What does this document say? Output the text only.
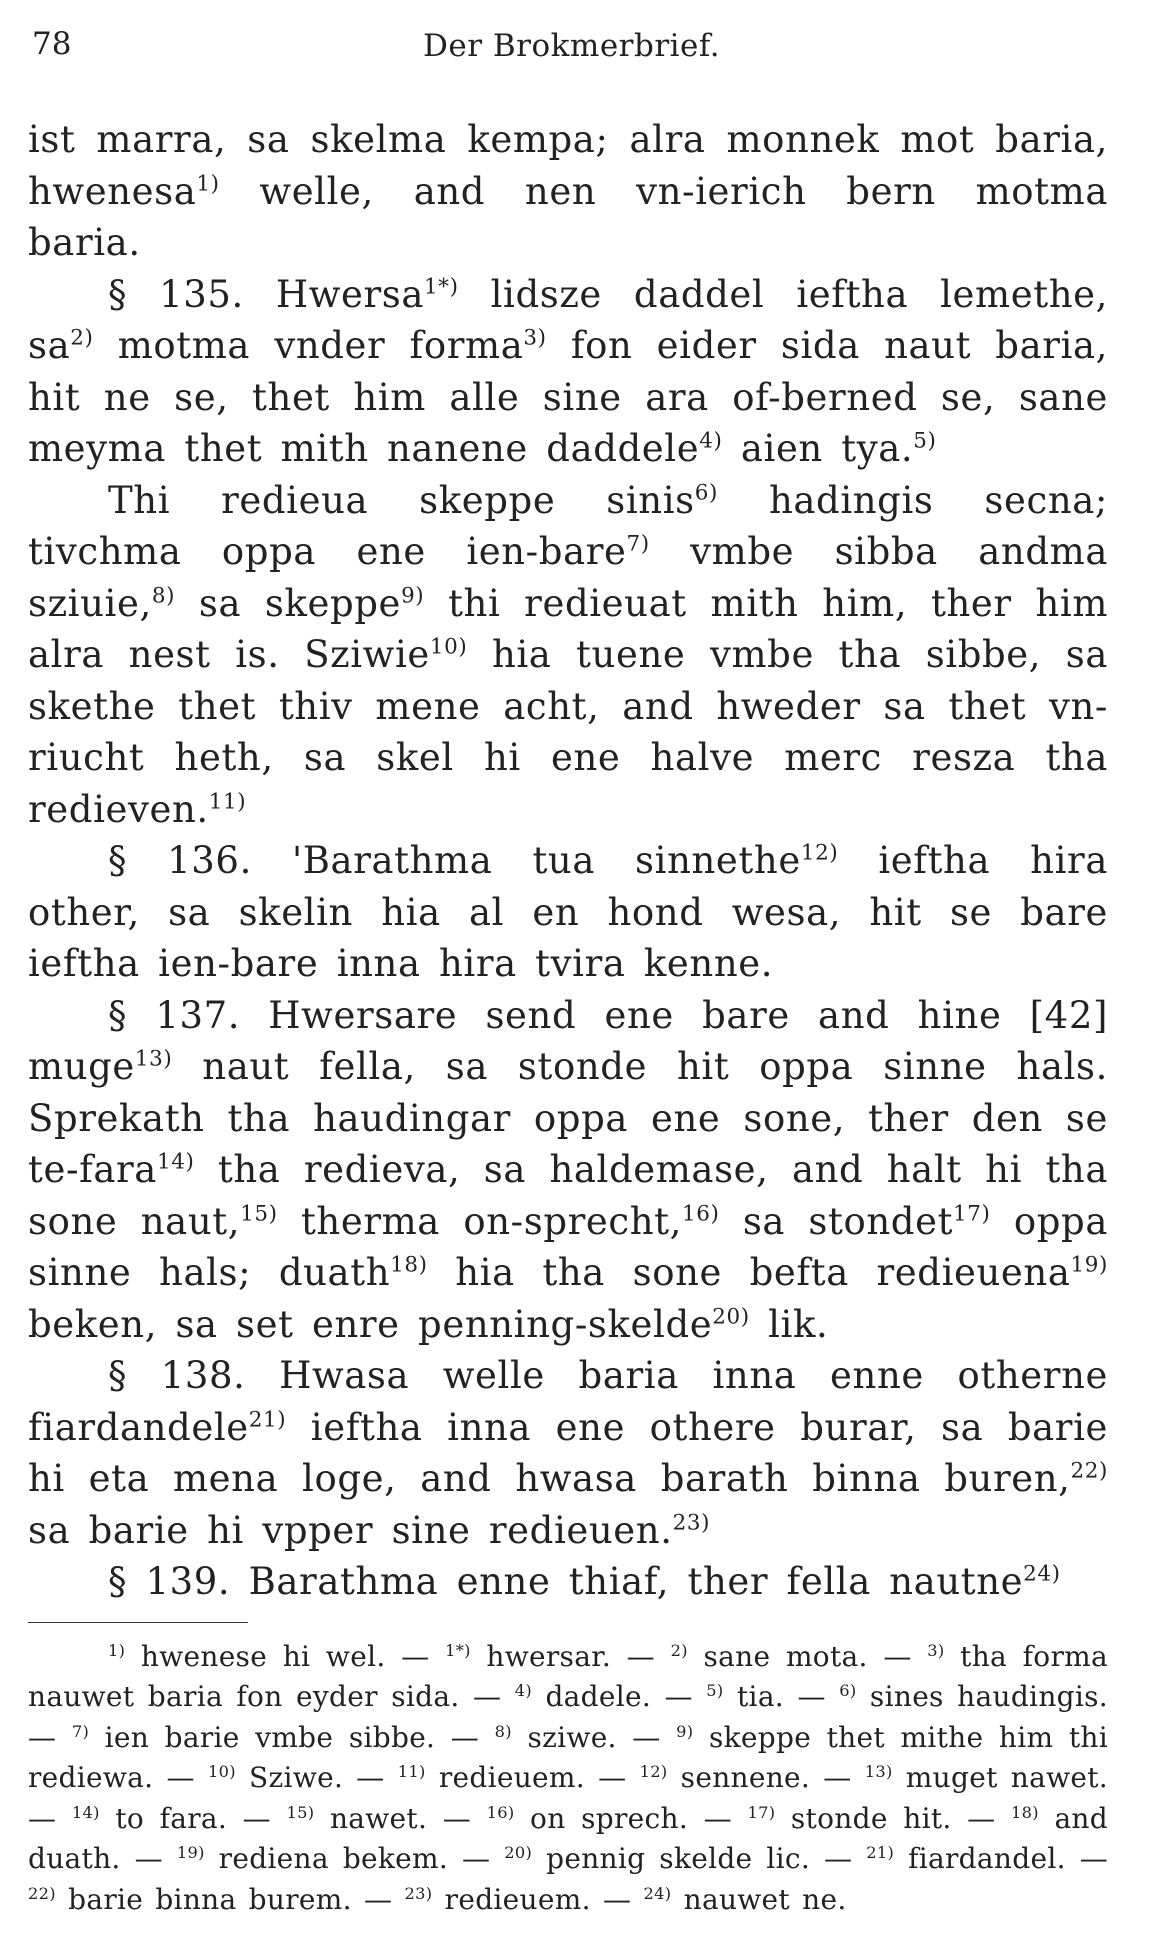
78	Der Brokmerbrief.

ist marra, sa skelma kempa; alra monnek mot baria, hwenesa$^{1)}$ welle, and nen vn-ierich bern motma baria.

§ 135. Hwersa$^{1*)}$ lidsze daddel ieftha lemethe, $sa^{2)}$ motma vnder forma$^{3)}$ fon eider sida naut baria, hit ne se, thet him alle sine ara of-berned se, sane meyma thet mith nanene daddele$^{4)}$ aien tya.$^{5)}$

Thi redieua skeppe sinis$^{6)}$ hadingis secna; tivchma oppa ene ien-bare$^{7)}$ vmbe sibba andma sziuie,$^{8)}$ sa skeppe$^{9)}$ thi redieuat mith him, ther him alra nest is. Sziwie$^{10)}$ hia tuene vmbe tha sibbe, sa skethe thet thiv mene acht, and hweder sa thet vn-riucht heth, sa skel hi ene halve merc resza tha redieven.$^{11)}$

§ 136. 'Barathma tua sinnethe$^{12)}$ ieftha hira other, sa skelin hia al en hond wesa, hit se bare ieftha ien-bare inna hira tvira kenne.

§ 137. Hwersare send ene bare and hine [42] muge$^{13)}$ naut fella, sa stonde hit oppa sinne hals. Sprekath tha haudingar oppa ene sone, ther den se te-fara$^{14)}$ tha redieva, sa haldemase, and halt hi tha sone naut,$^{15)}$ therma on-sprecht,$^{16)}$ sa stondet$^{17)}$ oppa sinne hals; duath$^{18)}$ hia tha sone befta redieuena$^{19)}$ beken, sa set enre penning-skelde$^{20)}$ lik.

§ 138. Hwasa welle baria inna enne otherne fiardandele$^{21)}$ ieftha inna ene othere burar, sa barie hi eta mena loge, and hwasa barath binna buren,$^{22)}$ sa barie hi vpper sine redieuen.$^{23)}$

§ 139. Barathma enne thiaf, ther fella nautne$^{24)}$

$^{1)}$ hwenese hi wel. — $^{1*)}$ hwersar. — $^{2)}$ sane mota. — $^{3)}$ tha forma nauwet baria fon eyder sida. — $^{4)}$ dadele. — $^{5)}$ tia. — $^{6)}$ sines haudingis. — $^{7)}$ ien barie vmbe sibbe. — $^{8)}$ sziwe. — $^{9)}$ skeppe thet mithe him thi rediewa. — $^{10)}$ Sziwe. — $^{11)}$ redieuem. — $^{12)}$ sennene. — $^{13)}$ muget nawet. — $^{14)}$ to fara. — $^{15)}$ nawet. — $^{16)}$ on sprech. — $^{17)}$ stonde hit. — $^{18)}$ and duath. — $^{19)}$ rediena bekem. — $^{20)}$ pennig skelde lic. — $^{21)}$ fiardandel. — $^{22)}$ barie binna burem. — $^{23)}$ redieuem. — $^{24)}$ nauwet ne.
